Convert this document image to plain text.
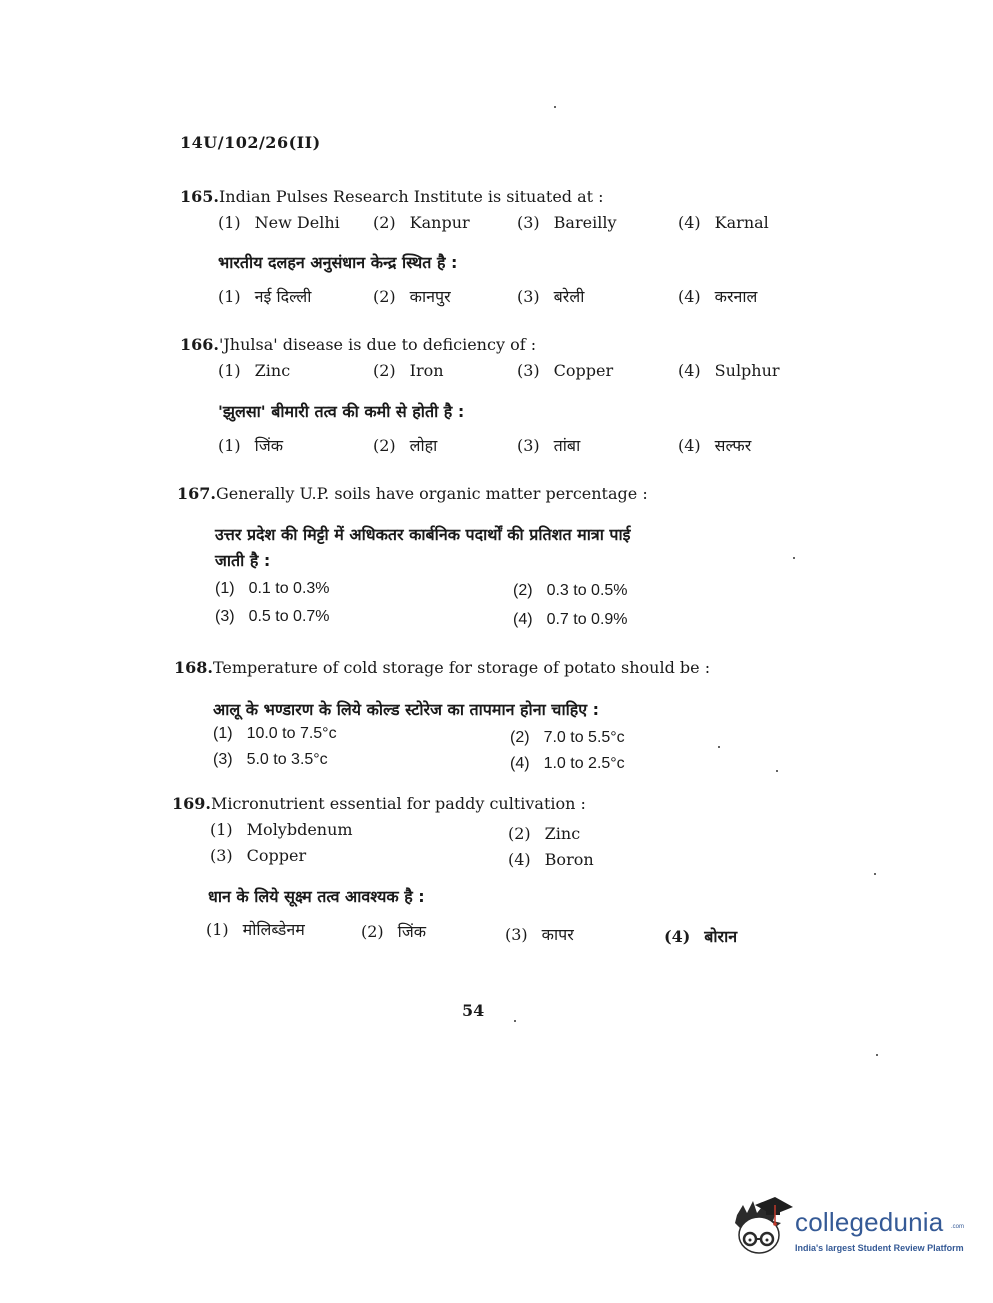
14U/102/26(II)
165.Indian Pulses Research Institute is situated at :
(1) New Delhi (2) Kanpur	(3) Bareilly	(4) Karnal
भारतीय दलहन अनुसंधान केन्द्र स्थित है :
(1) नई दिल्ली	(2) कानपुर	(3) बरेली	(4) करनाल
166.'Jhulsa' disease is due to deficiency of :
(1) Zinc	(2) Iron	(3) Copper	(4) Sulphur
'झुलसा' बीमारी तत्व की कमी से होती है :
(1) जिंक	(2) लोहा	(3) तांबा	(4) सल्फर
167.Generally U.P. soils have organic matter percentage :
उत्तर प्रदेश की मिट्टी में अधिकतर कार्बनिक पदार्थों की प्रतिशत मात्रा पाई
जाती है :
(1) 0.1 to 0.3%	(2) 0.3 to 0.5%
(3) 0.5 to 0.7%	(4) 0.7 to 0.9%
168.Temperature of cold storage for storage of potato should be :
आलू के भण्डारण के लिये कोल्ड स्टोरेज का तापमान होना चाहिए :
(1) 10.0 to 7.5°c	(2) 7.0 to 5.5°c
(3) 5.0 to 3.5°c	(4) 1.0 to 2.5°c
169.Micronutrient essential for paddy cultivation :
(1) Molybdenum	(2) Zinc
(3) Copper	(4) Boron
धान के लिये सूक्ष्म तत्व आवश्यक है :
(1) मोलिब्डेनम	(2) जिंक	(3) कापर	(4) बोरान
54
collegedunia .com
India's largest Student Review Platform
